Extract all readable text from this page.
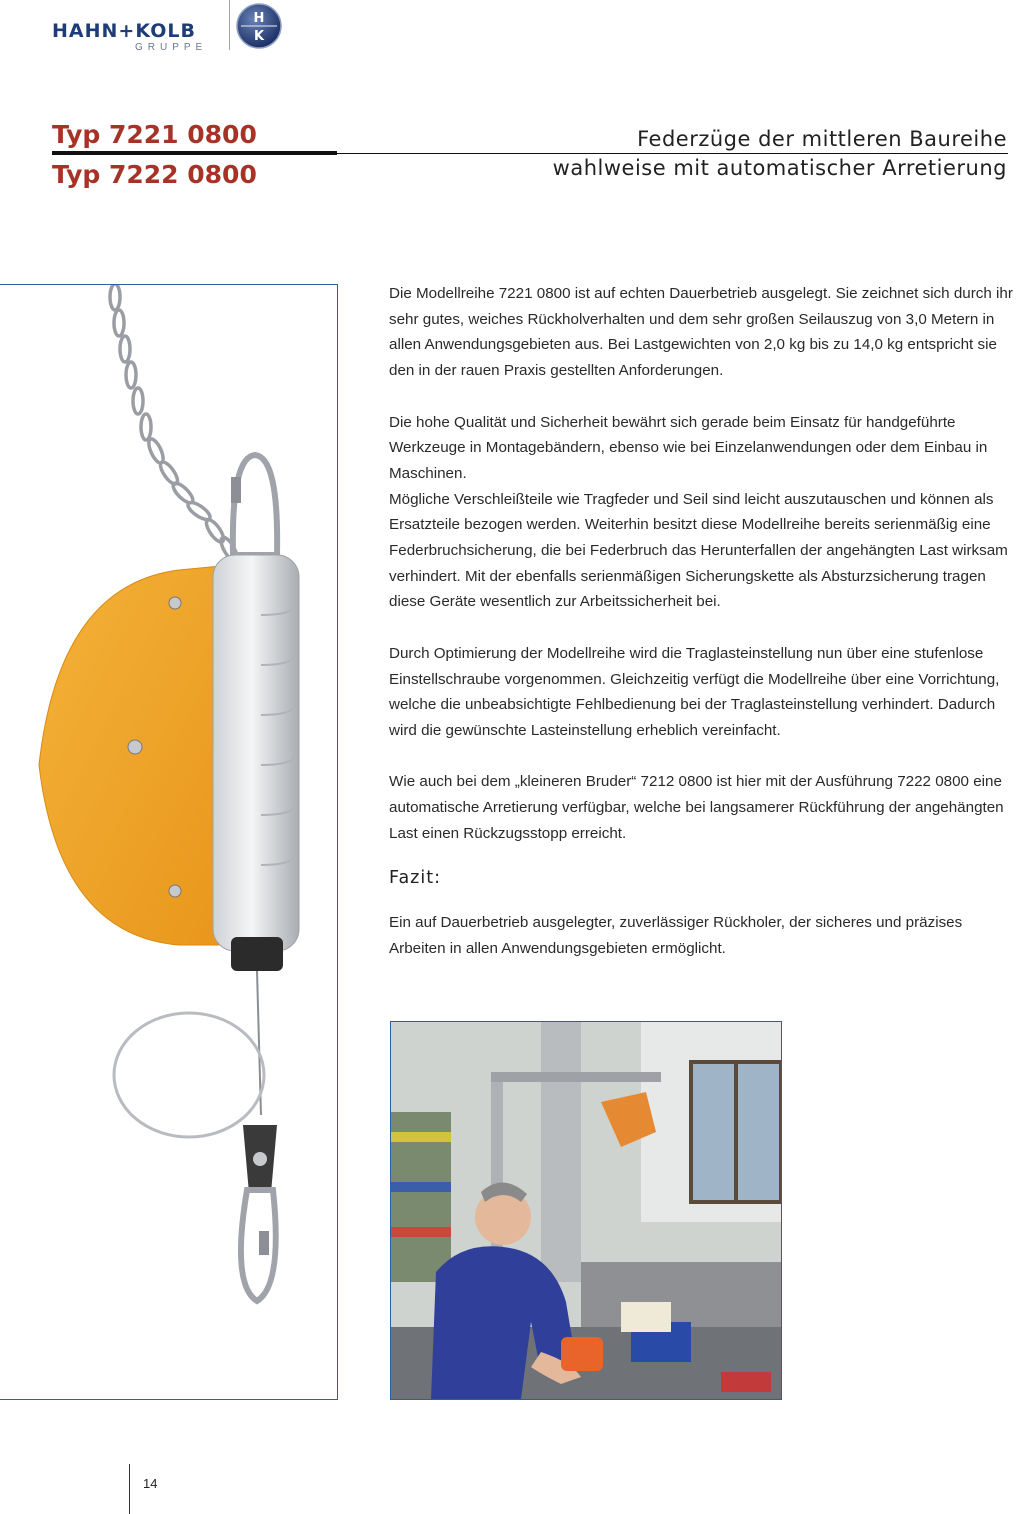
HAHN+KOLB
GRUPPE
H
K
Typ 7221 0800
Typ 7222 0800
Federzüge der mittleren Baureihe
wahlweise mit automatischer Arretierung

Die Modellreihe 7221 0800 ist auf echten Dauerbetrieb ausgelegt. Sie zeichnet sich durch ihr sehr gutes, weiches Rückholverhalten und dem sehr großen Seilauszug von 3,0 Metern in allen Anwendungsgebieten aus. Bei Lastgewichten von 2,0 kg bis zu 14,0 kg entspricht sie den in der rauen Praxis gestellten Anforderungen.

Die hohe Qualität und Sicherheit bewährt sich gerade beim Einsatz für handgeführte Werkzeuge in Montagebändern, ebenso wie bei Einzelanwendungen oder dem Einbau in Maschinen.

Mögliche Verschleißteile wie Tragfeder und Seil sind leicht auszutauschen und können als Ersatzteile bezogen werden. Weiterhin besitzt diese Modellreihe bereits serienmäßig eine Federbruchsicherung, die bei Federbruch das Herunterfallen der angehängten Last wirksam verhindert. Mit der ebenfalls serienmäßigen Sicherungskette als Absturzsicherung tragen diese Geräte wesentlich zur Arbeitssicherheit bei.

Durch Optimierung der Modellreihe wird die Traglasteinstellung nun über eine stufenlose Einstellschraube vorgenommen. Gleichzeitig verfügt die Modellreihe über eine Vorrichtung, welche die unbeabsichtigte Fehlbedienung bei der Traglasteinstellung verhindert. Dadurch wird die gewünschte Lasteinstellung erheblich vereinfacht.

Wie auch bei dem „kleineren Bruder“ 7212 0800 ist hier mit der Ausführung 7222 0800 eine automatische Arretierung verfügbar, welche bei langsamerer Rückführung der angehängten Last einen Rückzugsstopp erreicht.

Fazit:

Ein auf Dauerbetrieb ausgelegter, zuverlässiger Rückholer, der sicheres und präzises Arbeiten in allen Anwendungsgebieten ermöglicht.

14
